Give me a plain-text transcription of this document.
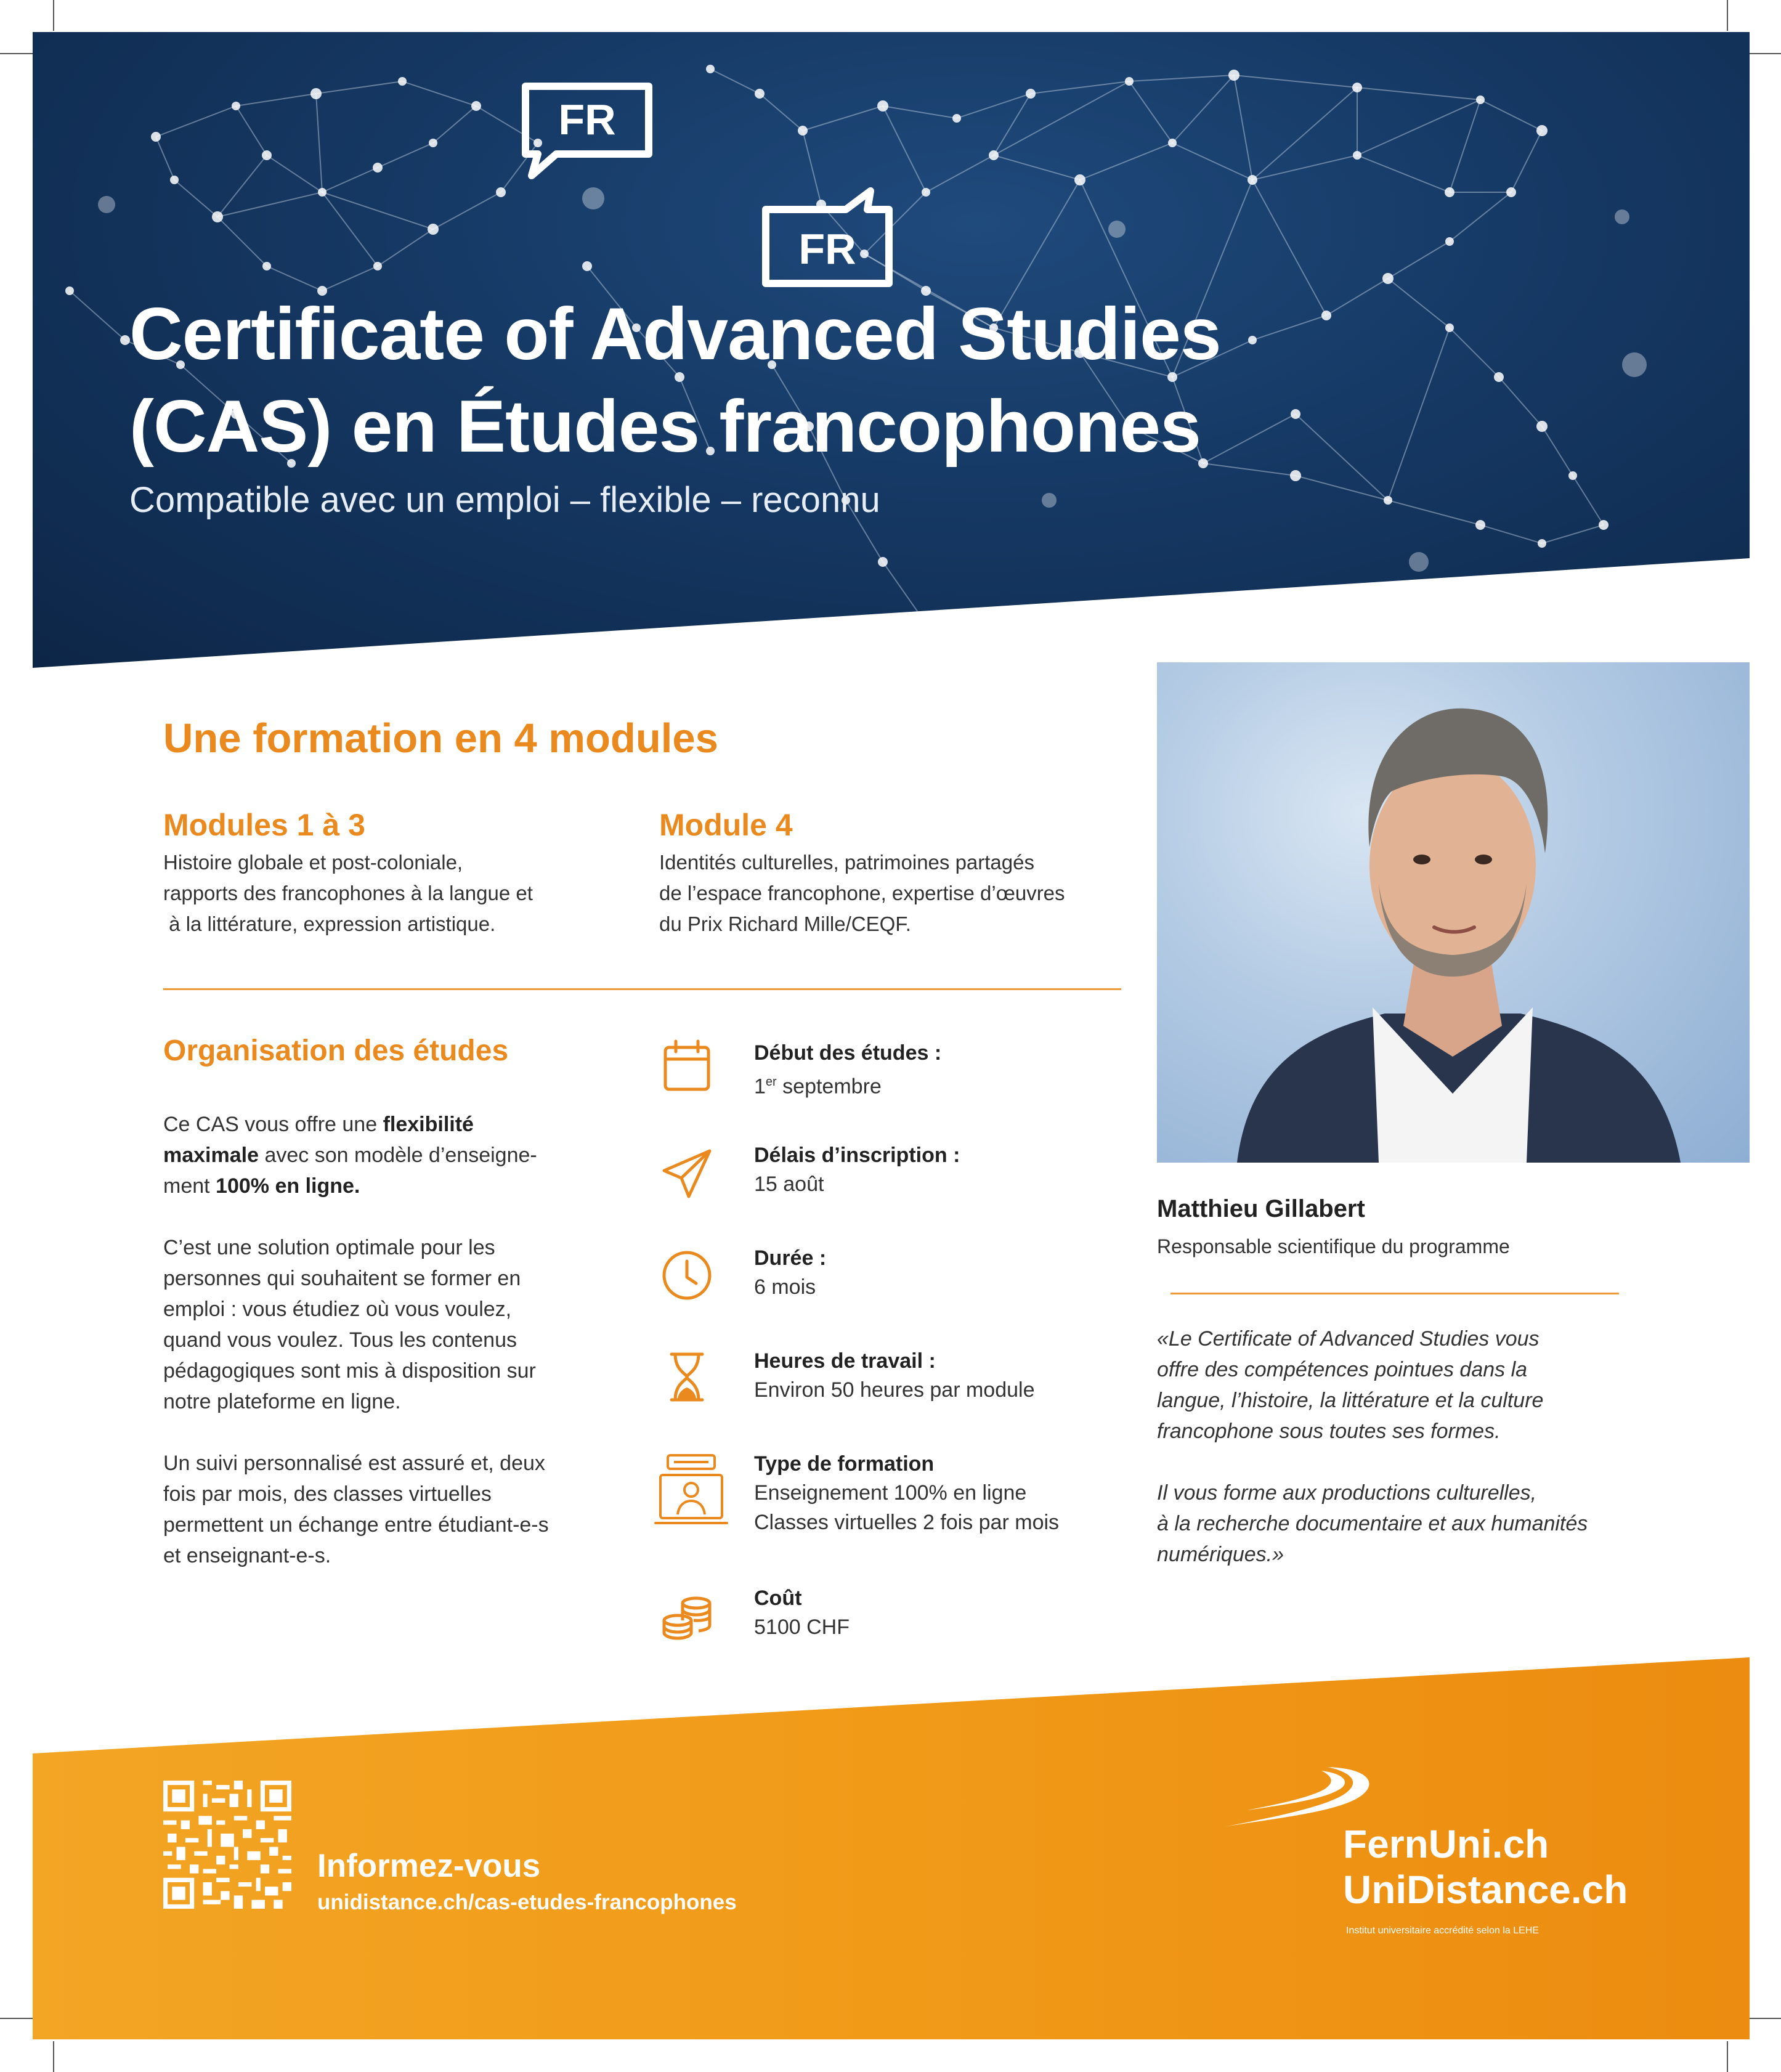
FR
FR
Certificate of Advanced Studies
(CAS) en Études francophones
Compatible avec un emploi – flexible – reconnu
Une formation en 4 modules
Modules 1 à 3
Histoire globale et post-coloniale,
rapports des francophones à la langue et
à la littérature, expression artistique.
Module 4
Identités culturelles, patrimoines partagés
de l’espace francophone, expertise d’œuvres
du Prix Richard Mille/CEQF.
Organisation des études
Ce CAS vous offre une flexibilité
maximale avec son modèle d’enseigne-
ment 100% en ligne.
C’est une solution optimale pour les
personnes qui souhaitent se former en
emploi : vous étudiez où vous voulez,
quand vous voulez. Tous les contenus
pédagogiques sont mis à disposition sur
notre plateforme en ligne.
Un suivi personnalisé est assuré et, deux
fois par mois, des classes virtuelles
permettent un échange entre étudiant-e-s
et enseignant-e-s.
Début des études :
1er septembre
Délais d’inscription :
15 août
Durée :
6 mois
Heures de travail :
Environ 50 heures par module
Type de formation
Enseignement 100% en ligne
Classes virtuelles 2 fois par mois
Coût
5100 CHF
Matthieu Gillabert
Responsable scientifique du programme
«Le Certificate of Advanced Studies vous
offre des compétences pointues dans la
langue, l’histoire, la littérature et la culture
francophone sous toutes ses formes.
Il vous forme aux productions culturelles,
à la recherche documentaire et aux humanités
numériques.»
Informez-vous
unidistance.ch/cas-etudes-francophones
FernUni.ch
UniDistance.ch
Institut universitaire accrédité selon la LEHE
